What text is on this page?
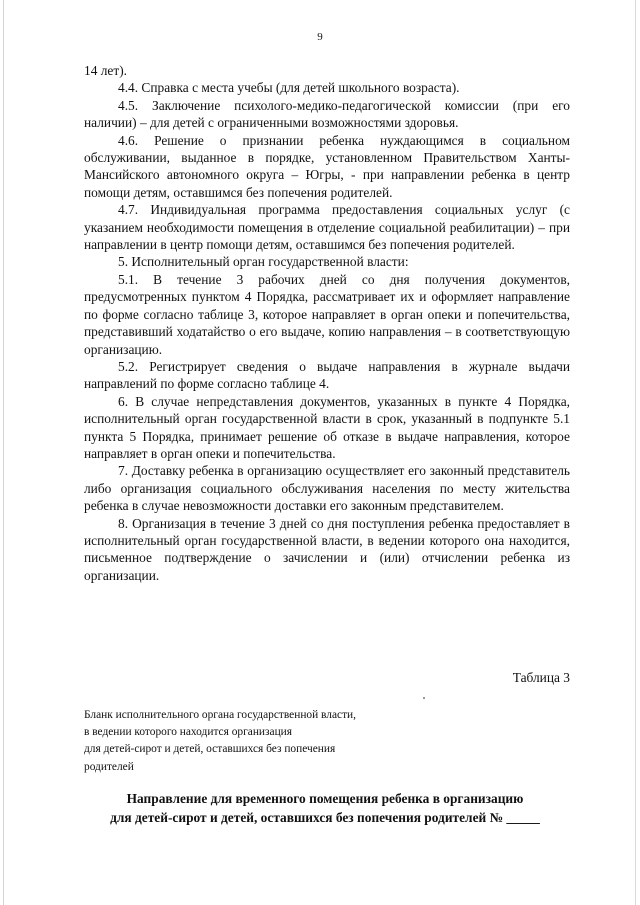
9

14 лет).

4.4. Справка с места учебы (для детей школьного возраста).

4.5. Заключение психолого-медико-педагогической комиссии (при его наличии) – для детей с ограниченными возможностями здоровья.

4.6. Решение о признании ребенка нуждающимся в социальном обслуживании, выданное в порядке, установленном Правительством Ханты-Мансийского автономного округа – Югры, - при направлении ребенка в центр помощи детям, оставшимся без попечения родителей.

4.7. Индивидуальная программа предоставления социальных услуг (с указанием необходимости помещения в отделение социальной реабилитации) – при направлении в центр помощи детям, оставшимся без попечения родителей.

5. Исполнительный орган государственной власти:

5.1. В течение 3 рабочих дней со дня получения документов, предусмотренных пунктом 4 Порядка, рассматривает их и оформляет направление по форме согласно таблице 3, которое направляет в орган опеки и попечительства, представивший ходатайство о его выдаче, копию направления – в соответствующую организацию.

5.2. Регистрирует сведения о выдаче направления в журнале выдачи направлений по форме согласно таблице 4.

6. В случае непредставления документов, указанных в пункте 4 Порядка, исполнительный орган государственной власти в срок, указанный в подпункте 5.1 пункта 5 Порядка, принимает решение об отказе в выдаче направления, которое направляет в орган опеки и попечительства.

7. Доставку ребенка в организацию осуществляет его законный представитель либо организация социального обслуживания населения по месту жительства ребенка в случае невозможности доставки его законным представителем.

8. Организация в течение 3 дней со дня поступления ребенка предоставляет в исполнительный орган государственной власти, в ведении которого она находится, письменное подтверждение о зачислении и (или) отчислении ребенка из организации.

Таблица 3
Бланк исполнительного органа государственной власти,
в ведении которого находится организация
для детей-сирот и детей, оставшихся без попечения
родителей
Направление для временного помещения ребенка в организацию
для детей-сирот и детей, оставшихся без попечения родителей № _____
